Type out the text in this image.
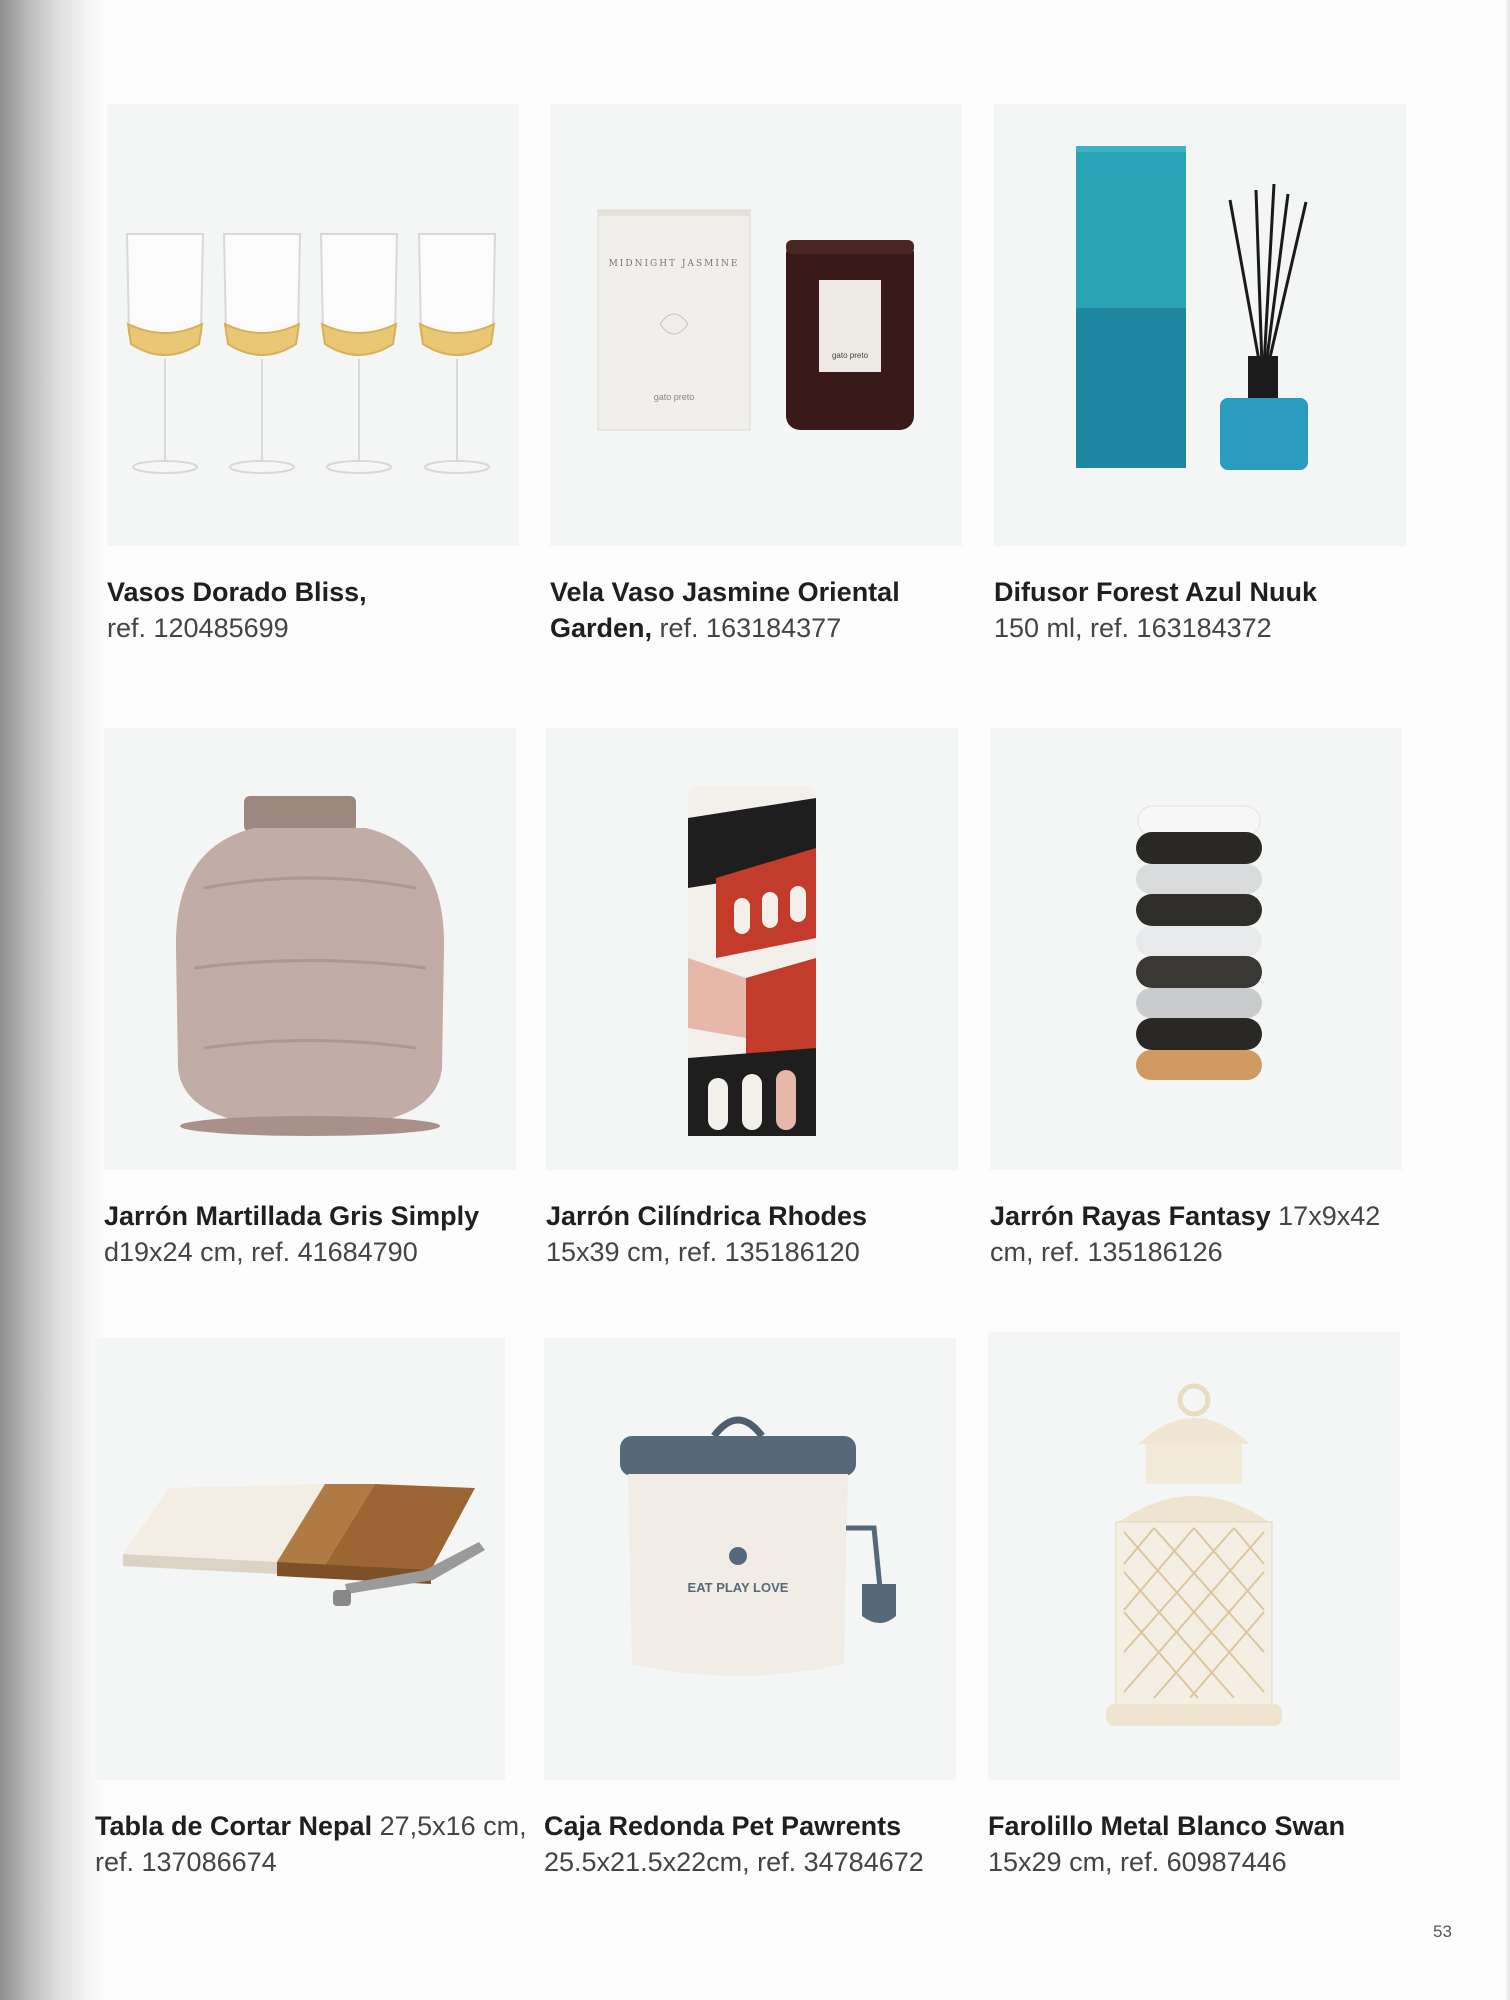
Vasos Dorado Bliss,
ref. 120485699
MIDNIGHT JASMINE
gato preto
gato preto
Vela Vaso Jasmine Oriental Garden, ref. 163184377
Difusor Forest Azul Nuuk
150 ml, ref. 163184372
Jarrón Martillada Gris Simply
d19x24 cm, ref. 41684790
Jarrón Cilíndrica Rhodes
15x39 cm, ref. 135186120
Jarrón Rayas Fantasy 17x9x42 cm, ref. 135186126
Tabla de Cortar Nepal 27,5x16 cm, ref. 137086674
EAT PLAY LOVE
Caja Redonda Pet Pawrents
25.5x21.5x22cm, ref. 34784672
Farolillo Metal Blanco Swan
15x29 cm, ref. 60987446
53
